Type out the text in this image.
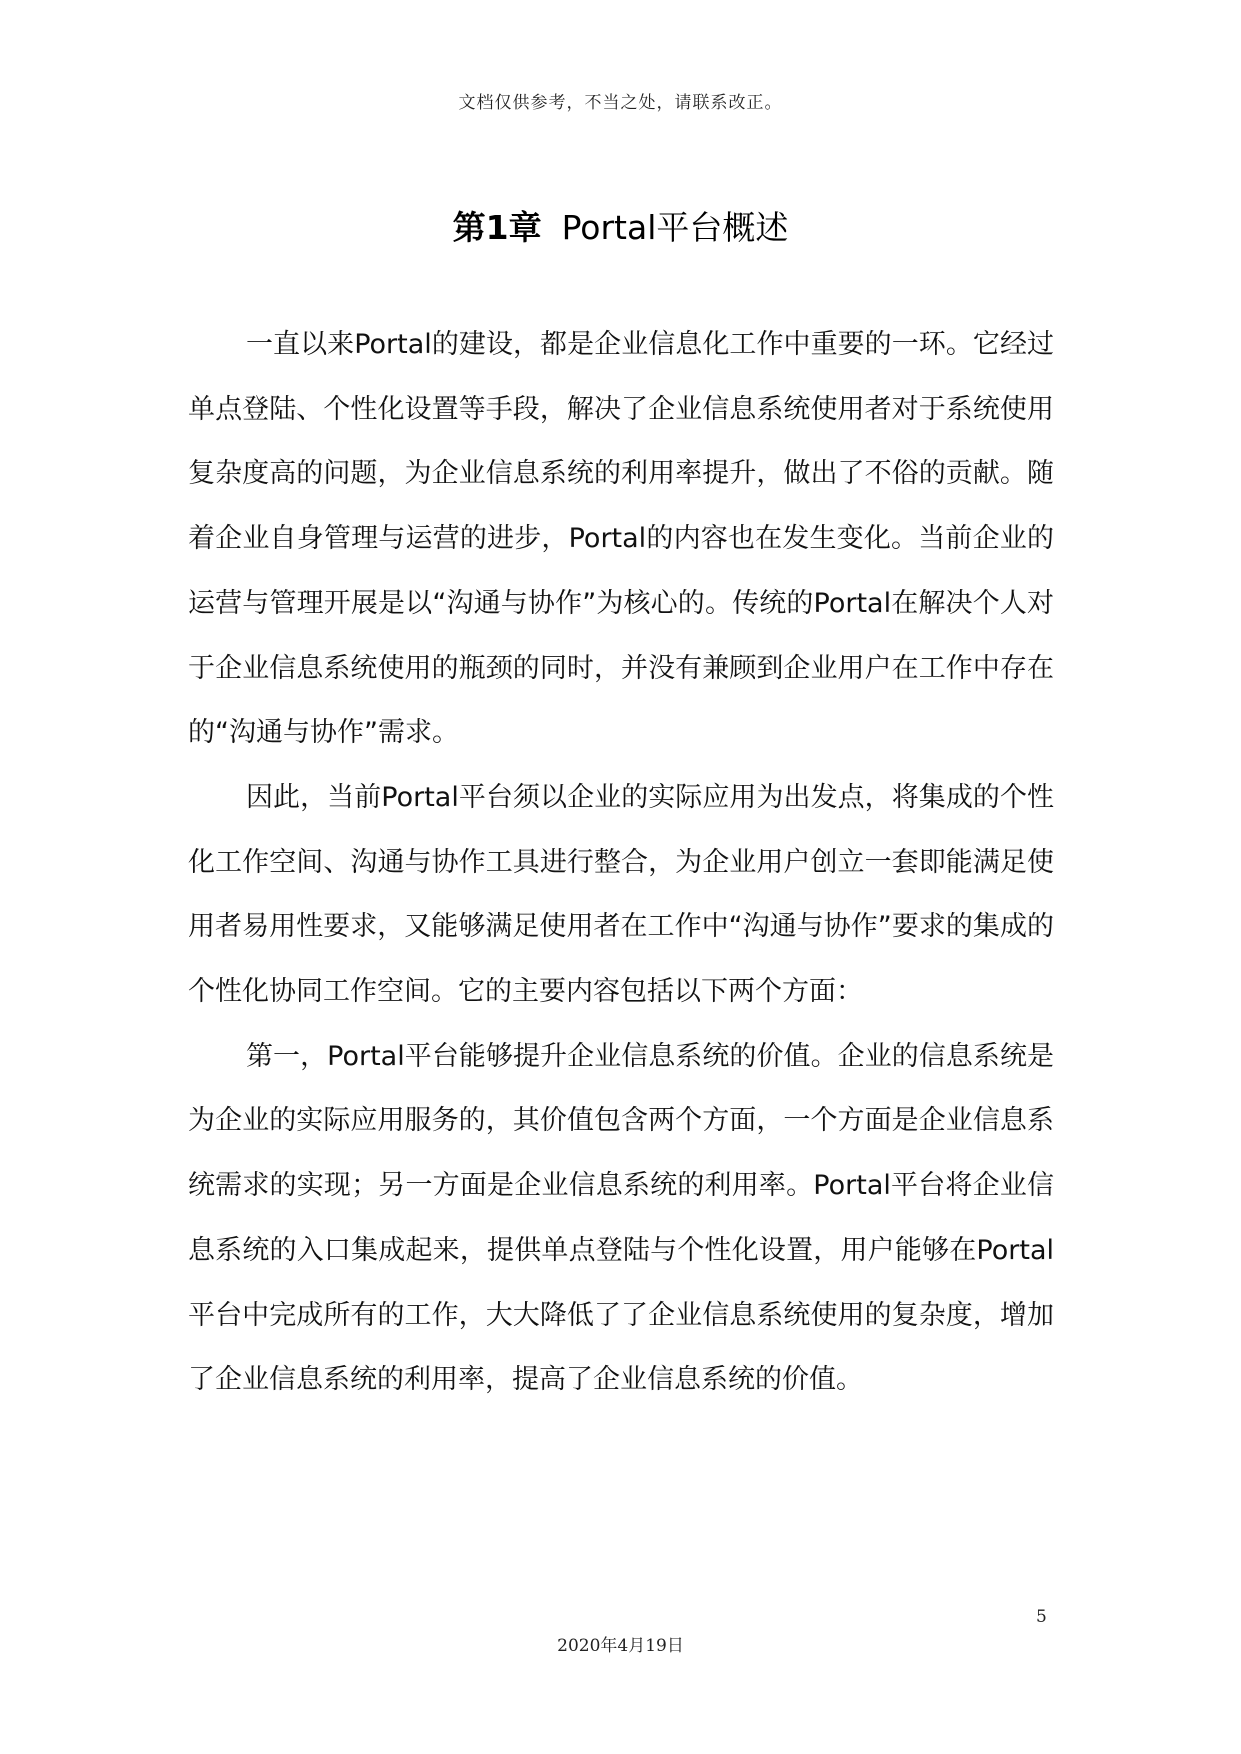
文档仅供参考，不当之处，请联系改正。
第1章 Portal平台概述

一直以来Portal的建设，都是企业信息化工作中重要的一环。它经过单点登陆、个性化设置等手段，解决了企业信息系统使用者对于系统使用复杂度高的问题，为企业信息系统的利用率提升，做出了不俗的贡献。随着企业自身管理与运营的进步，Portal的内容也在发生变化。当前企业的运营与管理开展是以“沟通与协作”为核心的。传统的Portal在解决个人对于企业信息系统使用的瓶颈的同时，并没有兼顾到企业用户在工作中存在的“沟通与协作”需求。

因此，当前Portal平台须以企业的实际应用为出发点，将集成的个性化工作空间、沟通与协作工具进行整合，为企业用户创立一套即能满足使用者易用性要求，又能够满足使用者在工作中“沟通与协作”要求的集成的个性化协同工作空间。它的主要内容包括以下两个方面：

第一，Portal平台能够提升企业信息系统的价值。企业的信息系统是为企业的实际应用服务的，其价值包含两个方面，一个方面是企业信息系统需求的实现；另一方面是企业信息系统的利用率。Portal平台将企业信息系统的入口集成起来，提供单点登陆与个性化设置，用户能够在Portal平台中完成所有的工作，大大降低了了企业信息系统使用的复杂度，增加了企业信息系统的利用率，提高了企业信息系统的价值。

5
2020年4月19日
